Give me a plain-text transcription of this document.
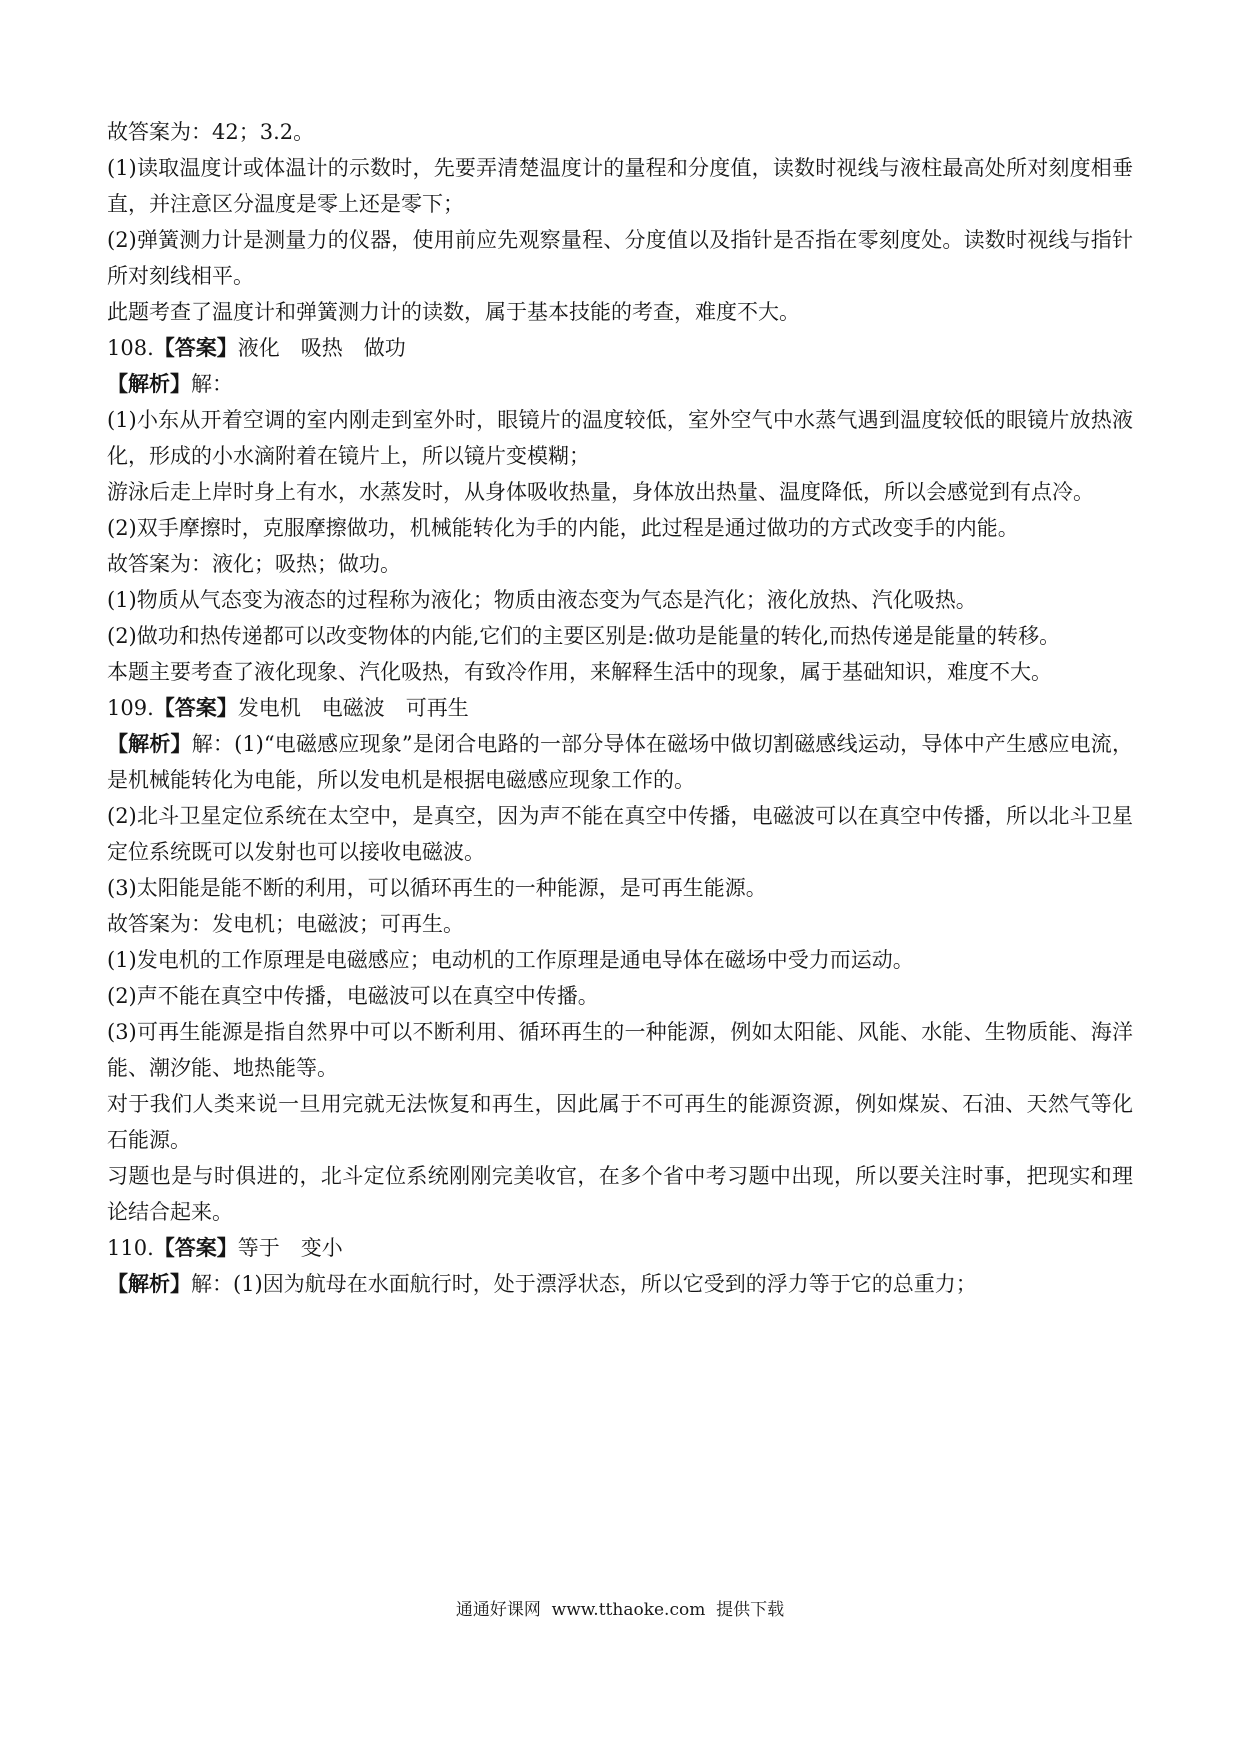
故答案为：42；3.2。

(1)读取温度计或体温计的示数时，先要弄清楚温度计的量程和分度值，读数时视线与液柱最高处所对刻度相垂直，并注意区分温度是零上还是零下；

(2)弹簧测力计是测量力的仪器，使用前应先观察量程、分度值以及指针是否指在零刻度处。读数时视线与指针所对刻线相平。

此题考查了温度计和弹簧测力计的读数，属于基本技能的考查，难度不大。

108.【答案】液化　吸热　做功

【解析】解：

(1)小东从开着空调的室内刚走到室外时，眼镜片的温度较低，室外空气中水蒸气遇到温度较低的眼镜片放热液化，形成的小水滴附着在镜片上，所以镜片变模糊；

游泳后走上岸时身上有水，水蒸发时，从身体吸收热量，身体放出热量、温度降低，所以会感觉到有点冷。

(2)双手摩擦时，克服摩擦做功，机械能转化为手的内能，此过程是通过做功的方式改变手的内能。

故答案为：液化；吸热；做功。

(1)物质从气态变为液态的过程称为液化；物质由液态变为气态是汽化；液化放热、汽化吸热。

(2)做功和热传递都可以改变物体的内能,它们的主要区别是:做功是能量的转化,而热传递是能量的转移。

本题主要考查了液化现象、汽化吸热，有致冷作用，来解释生活中的现象，属于基础知识，难度不大。

109.【答案】发电机　电磁波　可再生

【解析】解：(1)“电磁感应现象”是闭合电路的一部分导体在磁场中做切割磁感线运动，导体中产生感应电流，是机械能转化为电能，所以发电机是根据电磁感应现象工作的。

(2)北斗卫星定位系统在太空中，是真空，因为声不能在真空中传播，电磁波可以在真空中传播，所以北斗卫星定位系统既可以发射也可以接收电磁波。

(3)太阳能是能不断的利用，可以循环再生的一种能源，是可再生能源。

故答案为：发电机；电磁波；可再生。

(1)发电机的工作原理是电磁感应；电动机的工作原理是通电导体在磁场中受力而运动。

(2)声不能在真空中传播，电磁波可以在真空中传播。

(3)可再生能源是指自然界中可以不断利用、循环再生的一种能源，例如太阳能、风能、水能、生物质能、海洋能、潮汐能、地热能等。

对于我们人类来说一旦用完就无法恢复和再生，因此属于不可再生的能源资源，例如煤炭、石油、天然气等化石能源。

习题也是与时俱进的，北斗定位系统刚刚完美收官，在多个省中考习题中出现，所以要关注时事，把现实和理论结合起来。

110.【答案】等于　变小

【解析】解：(1)因为航母在水面航行时，处于漂浮状态，所以它受到的浮力等于它的总重力；

通通好课网  www.tthaoke.com  提供下载
